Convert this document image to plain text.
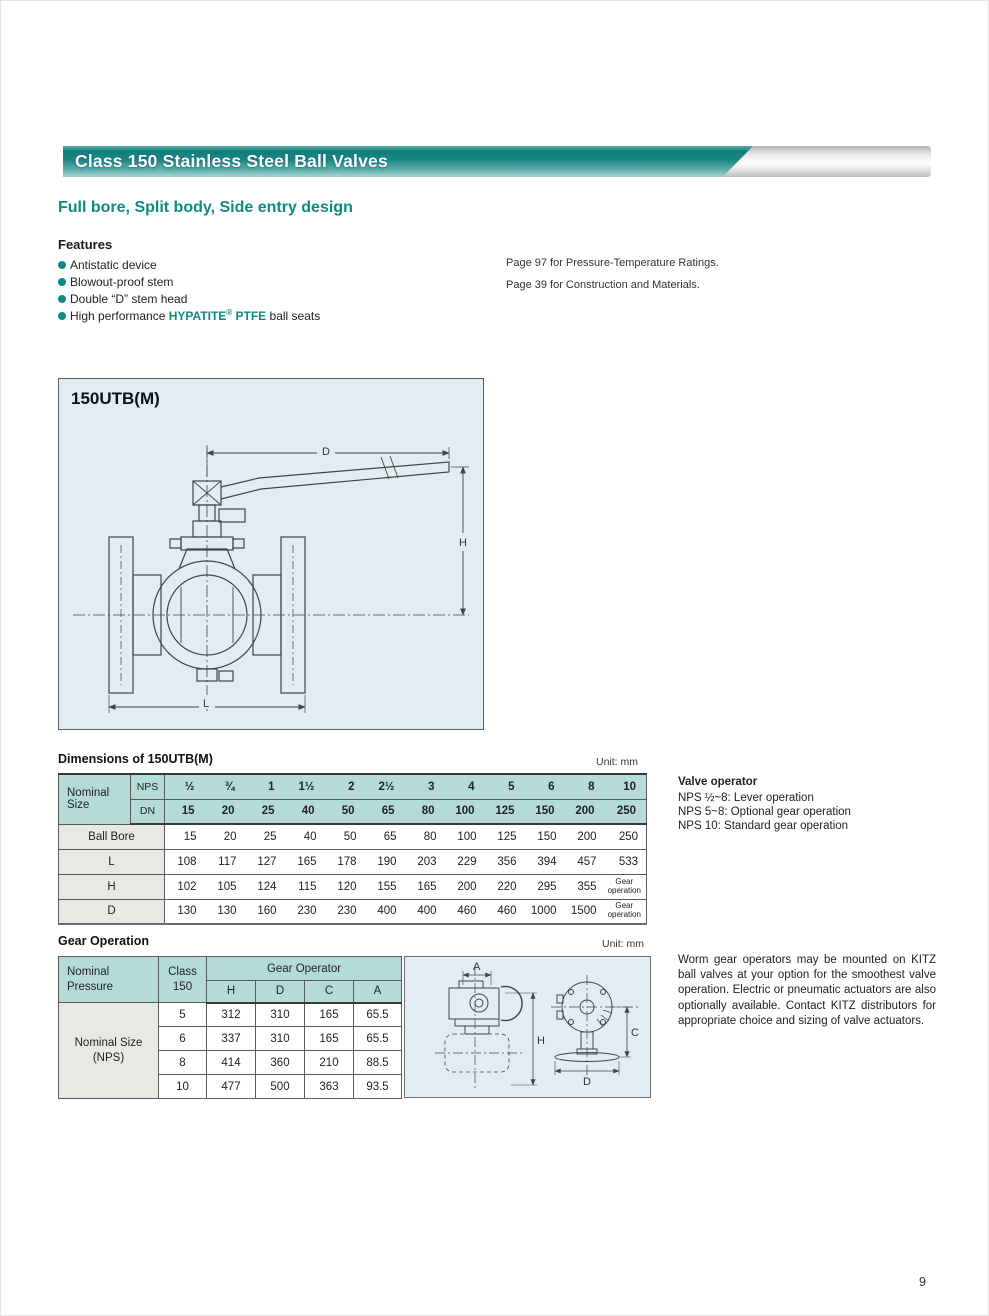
Class 150 Stainless Steel Ball Valves
Full bore, Split body, Side entry design
Features
Antistatic device
Blowout-proof stem
Double “D” stem head
High performance HYPATITE® PTFE ball seats
Page 97 for Pressure-Temperature Ratings.
Page 39 for Construction and Materials.
150UTB(M)
D
H
L
Dimensions of 150UTB(M)	Unit: mm
Nominal Size	NPS	½	¾	1	1½	2	2½	3	4	5	6	8	10
	DN	15	20	25	40	50	65	80	100	125	150	200	250
Ball Bore		15	20	25	40	50	65	80	100	125	150	200	250
L		108	117	127	165	178	190	203	229	356	394	457	533
H		102	105	124	115	120	155	165	200	220	295	355	Gear operation
D		130	130	160	230	230	400	400	460	460	1000	1500	Gear operation
Valve operator
NPS ½~8: Lever operation
NPS 5~8: Optional gear operation
NPS 10: Standard gear operation
Gear Operation	Unit: mm
Nominal Pressure	Class 150	Gear Operator			
		H	D	C	A
Nominal Size (NPS)	5	312	310	165	65.5
	6	337	310	165	65.5
	8	414	360	210	88.5
	10	477	500	363	93.5
A
H
C
D
Worm gear operators may be mounted on KITZ ball valves at your option for the smoothest valve operation. Electric or pneumatic actuators are also optionally available. Contact KITZ distributors for appropriate choice and sizing of valve actuators.
9
